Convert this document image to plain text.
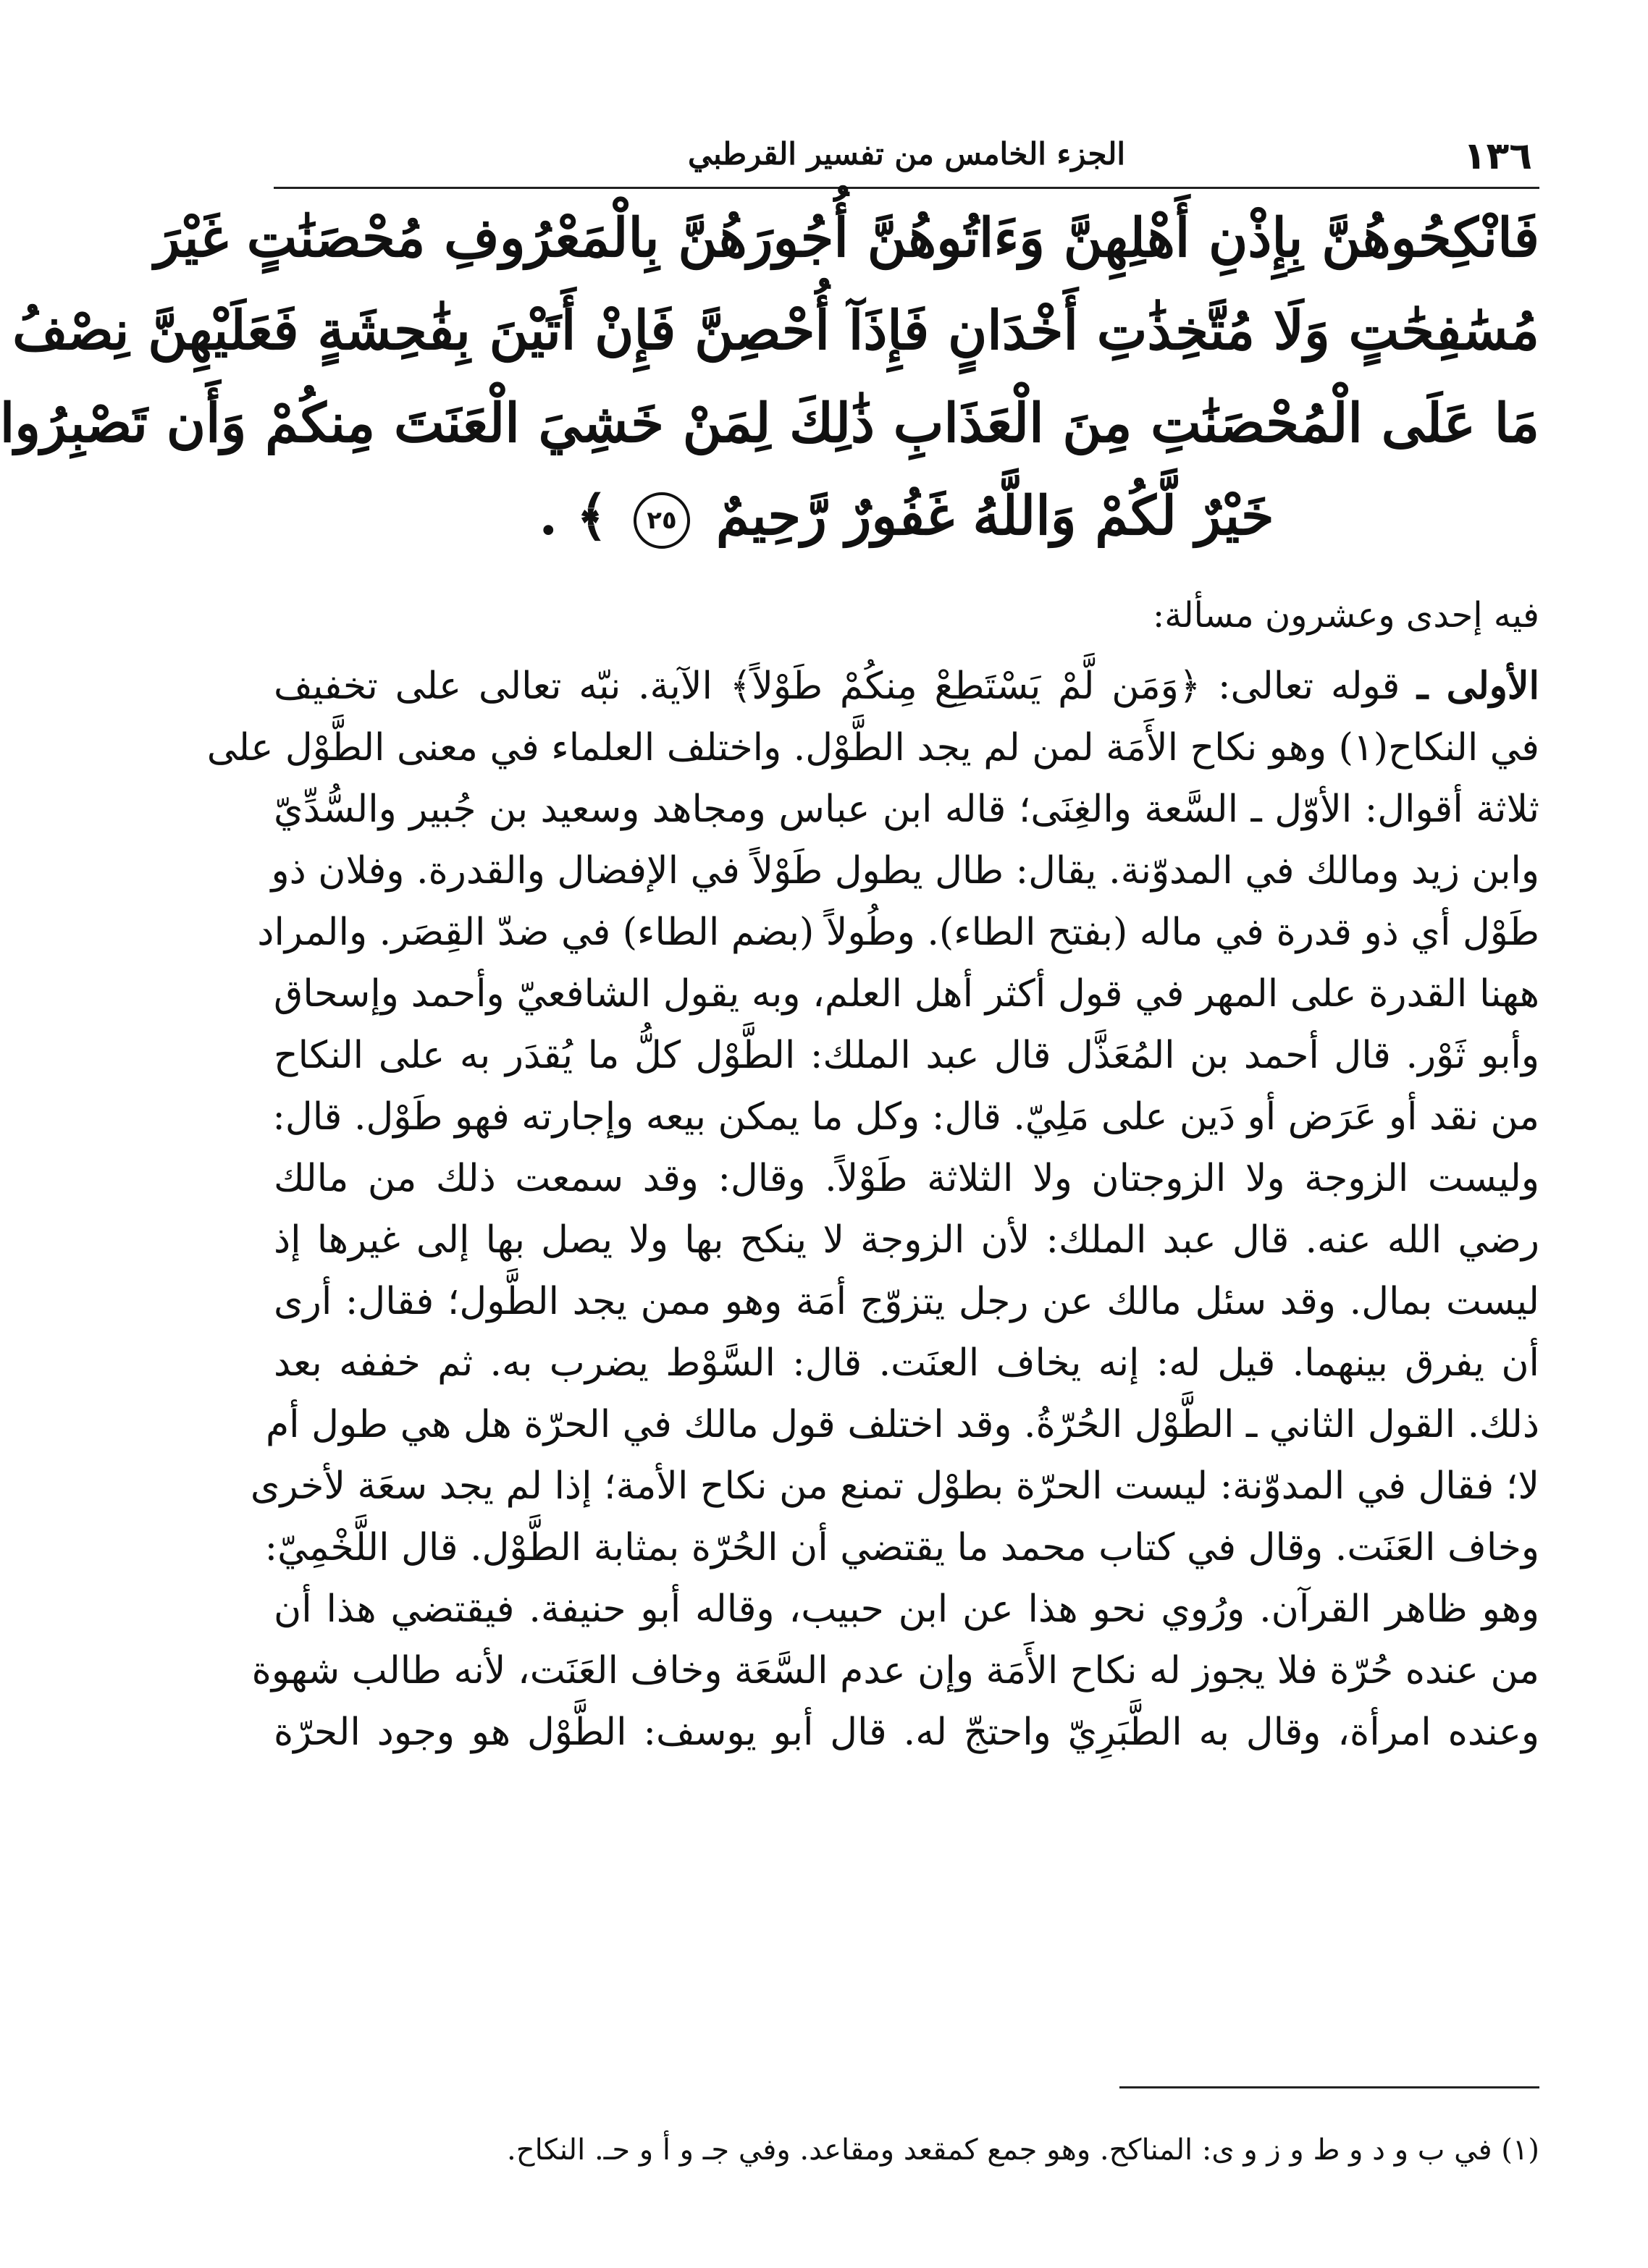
١٣٦
الجزء الخامس من تفسير القرطبي
فَانْكِحُوهُنَّ بِإِذْنِ أَهْلِهِنَّ وَءَاتُوهُنَّ أُجُورَهُنَّ بِالْمَعْرُوفِ مُحْصَنَٰتٍ غَيْرَ
مُسَٰفِحَٰتٍ وَلَا مُتَّخِذَٰتِ أَخْدَانٍ فَإِذَآ أُحْصِنَّ فَإِنْ أَتَيْنَ بِفَٰحِشَةٍ فَعَلَيْهِنَّ نِصْفُ
مَا عَلَى الْمُحْصَنَٰتِ مِنَ الْعَذَابِ ذَٰلِكَ لِمَنْ خَشِيَ الْعَنَتَ مِنكُمْ وَأَن تَصْبِرُوا
خَيْرٌ لَّكُمْ وَاللَّهُ غَفُورٌ رَّحِيمٌ ٢٥ ﴾ .
فيه إحدى وعشرون مسألة:
الأولى ـ قوله تعالى: ﴿وَمَن لَّمْ يَسْتَطِعْ مِنكُمْ طَوْلاً﴾ الآية. نبّه تعالى على تخفيف
في النكاح(١) وهو نكاح الأَمَة لمن لم يجد الطَّوْل. واختلف العلماء في معنى الطَّوْل على
ثلاثة أقوال: الأوّل ـ السَّعة والغِنَى؛ قاله ابن عباس ومجاهد وسعيد بن جُبير والسُّدِّيّ
وابن زيد ومالك في المدوّنة. يقال: طال يطول طَوْلاً في الإفضال والقدرة. وفلان ذو
طَوْل أي ذو قدرة في ماله (بفتح الطاء). وطُولاً (بضم الطاء) في ضدّ القِصَر. والمراد
ههنا القدرة على المهر في قول أكثر أهل العلم، وبه يقول الشافعيّ وأحمد وإسحاق
وأبو ثَوْر. قال أحمد بن المُعَذَّل قال عبد الملك: الطَّوْل كلُّ ما يُقدَر به على النكاح
من نقد أو عَرَض أو دَين على مَلِيّ. قال: وكل ما يمكن بيعه وإجارته فهو طَوْل. قال:
وليست الزوجة ولا الزوجتان ولا الثلاثة طَوْلاً. وقال: وقد سمعت ذلك من مالك
رضي الله عنه. قال عبد الملك: لأن الزوجة لا ينكح بها ولا يصل بها إلى غيرها إذ
ليست بمال. وقد سئل مالك عن رجل يتزوّج أمَة وهو ممن يجد الطَّول؛ فقال: أرى
أن يفرق بينهما. قيل له: إنه يخاف العنَت. قال: السَّوْط يضرب به. ثم خففه بعد
ذلك. القول الثاني ـ الطَّوْل الحُرّةُ. وقد اختلف قول مالك في الحرّة هل هي طول أم
لا؛ فقال في المدوّنة: ليست الحرّة بطوْل تمنع من نكاح الأمة؛ إذا لم يجد سعَة لأخرى
وخاف العَنَت. وقال في كتاب محمد ما يقتضي أن الحُرّة بمثابة الطَّوْل. قال اللَّخْمِيّ:
وهو ظاهر القرآن. ورُوي نحو هذا عن ابن حبيب، وقاله أبو حنيفة. فيقتضي هذا أن
من عنده حُرّة فلا يجوز له نكاح الأَمَة وإن عدم السَّعَة وخاف العَنَت، لأنه طالب شهوة
وعنده امرأة، وقال به الطَّبَرِيّ واحتجّ له. قال أبو يوسف: الطَّوْل هو وجود الحرّة
(١) في ب و د و ط و ز و ى: المناكح. وهو جمع كمقعد ومقاعد. وفي جـ و أ و حـ. النكاح.
